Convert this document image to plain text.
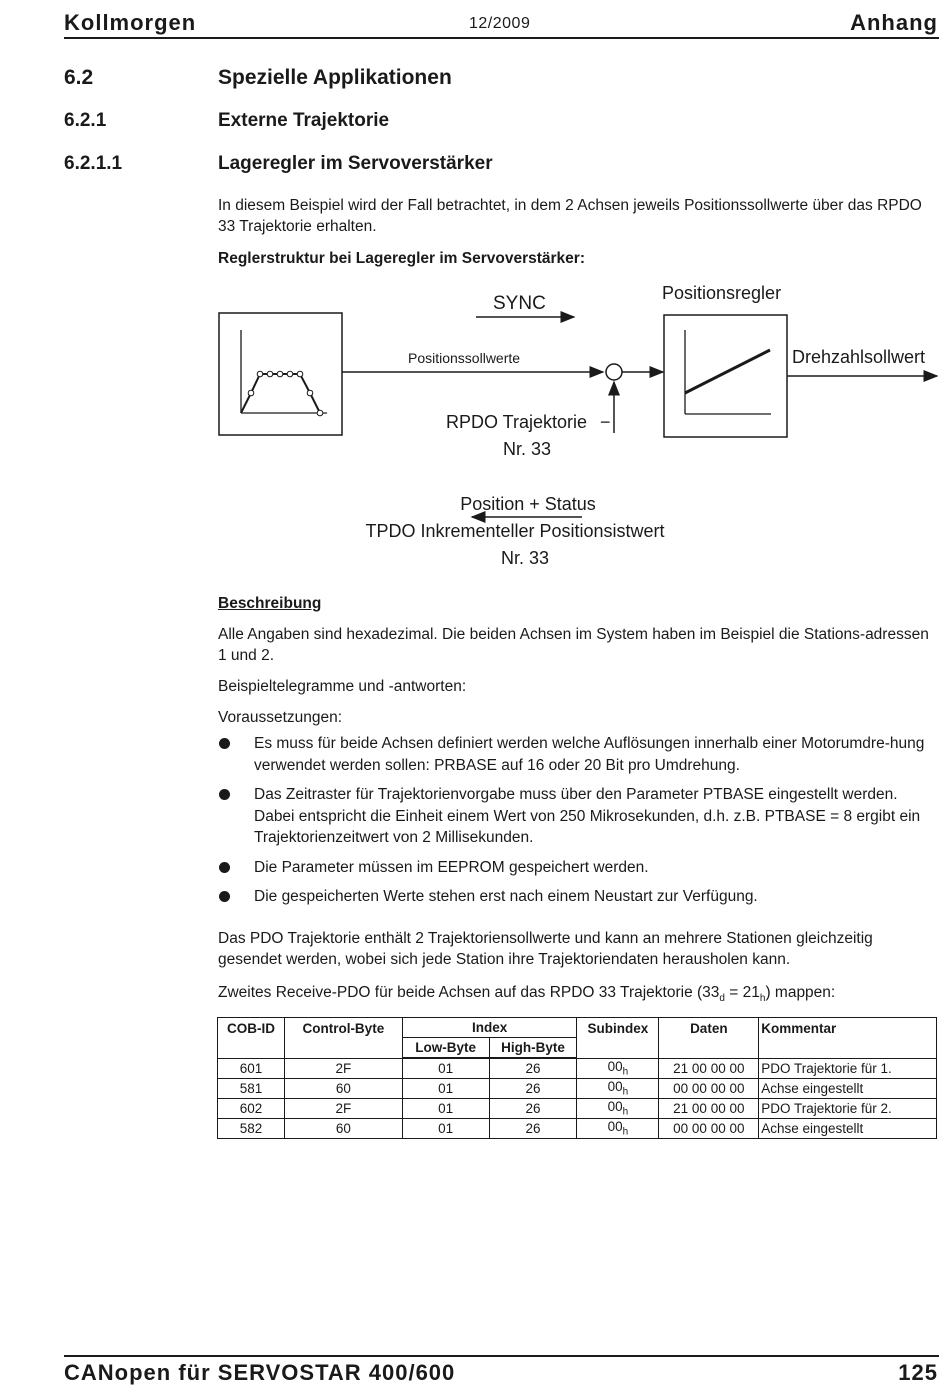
Kollmorgen	12/2009	Anhang
6.2	Spezielle Applikationen
6.2.1	Externe Trajektorie
6.2.1.1	Lageregler im Servoverstärker
In diesem Beispiel wird der Fall betrachtet, in dem 2 Achsen jeweils Positionssollwerte über das RPDO 33 Trajektorie erhalten.
Reglerstruktur bei Lageregler im Servoverstärker:
Positionssollwerte
SYNC	Positionsregler
Drehzahlsollwert
RPDO Trajektorie −
Nr. 33
Position + Status
TPDO Inkrementeller Positionsistwert
Nr. 33
Beschreibung
Alle Angaben sind hexadezimal. Die beiden Achsen im System haben im Beispiel die Stations-adressen 1 und 2.
Beispieltelegramme und -antworten:
Voraussetzungen:
Es muss für beide Achsen definiert werden welche Auflösungen innerhalb einer Motorumdre-hung verwendet werden sollen: PRBASE auf 16 oder 20 Bit pro Umdrehung.
Das Zeitraster für Trajektorienvorgabe muss über den Parameter PTBASE eingestellt werden. Dabei entspricht die Einheit einem Wert von 250 Mikrosekunden, d.h. z.B. PTBASE = 8 ergibt ein Trajektorienzeitwert von 2 Millisekunden.
Die Parameter müssen im EEPROM gespeichert werden.
Die gespeicherten Werte stehen erst nach einem Neustart zur Verfügung.
Das PDO Trajektorie enthält 2 Trajektoriensollwerte und kann an mehrere Stationen gleichzeitig gesendet werden, wobei sich jede Station ihre Trajektoriendaten herausholen kann.
Zweites Receive-PDO für beide Achsen auf das RPDO 33 Trajektorie $(33_d = 21_h)$ mappen:
COB-ID	Control-Byte	Index		Subindex	Daten	Kommentar
		Low-Byte	High-Byte			
601	2F	01	26	$00_h$	21 00 00 00	PDO Trajektorie für 1.
581	60	01	26	$00_h$	00 00 00 00	Achse eingestellt
602	2F	01	26	$00_h$	21 00 00 00	PDO Trajektorie für 2.
582	60	01	26	$00_h$	00 00 00 00	Achse eingestellt
CANopen für SERVOSTAR 400/600	125
